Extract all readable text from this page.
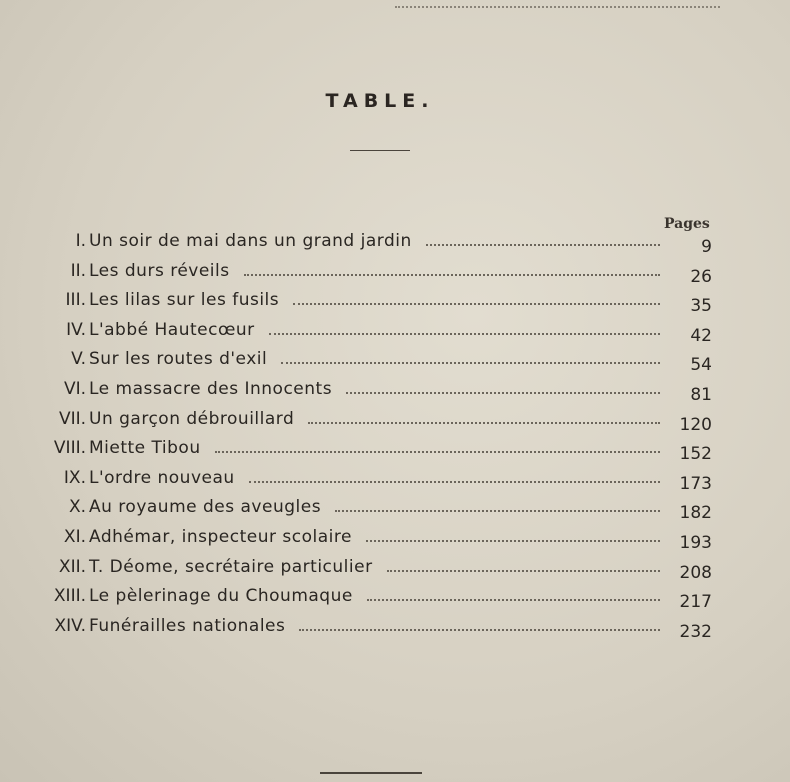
TABLE.
Pages
I. Un soir de mai dans un grand jardin	9
II. Les durs réveils	26
III. Les lilas sur les fusils	35
IV. L'abbé Hautecœur	42
V. Sur les routes d'exil	54
VI. Le massacre des Innocents	81
VII. Un garçon débrouillard	120
VIII. Miette Tibou	152
IX. L'ordre nouveau	173
X. Au royaume des aveugles	182
XI. Adhémar, inspecteur scolaire	193
XII. T. Déome, secrétaire particulier	208
XIII. Le pèlerinage du Choumaque	217
XIV. Funérailles nationales	232
